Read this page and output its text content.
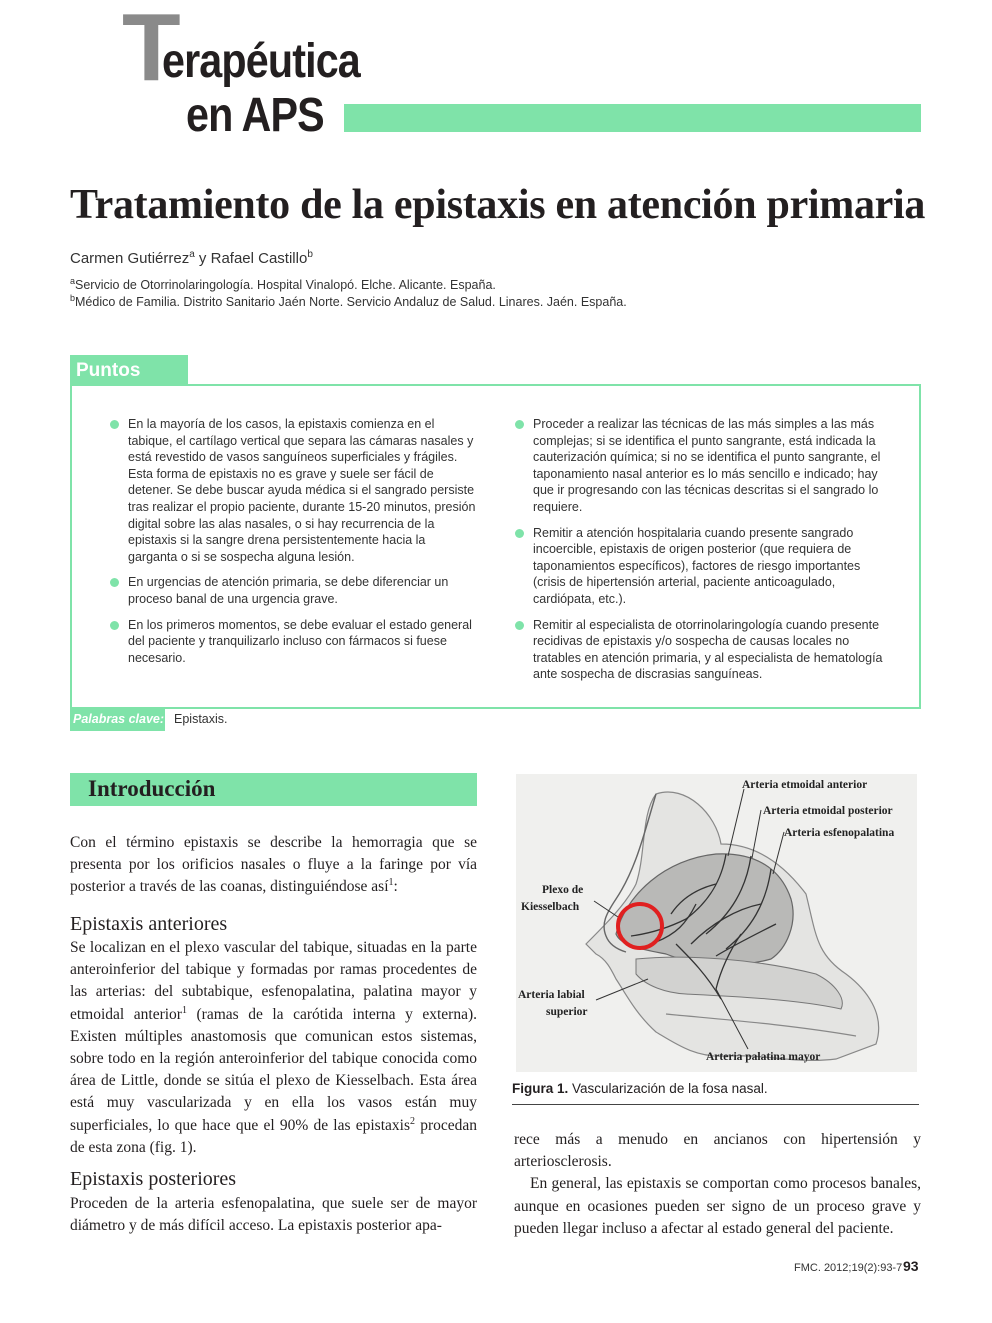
T
erapéutica
en APS
Tratamiento de la epistaxis en atención primaria
Carmen Gutiérrez$^a$ y Rafael Castillo$^b$
$^a$Servicio de Otorrinolaringología. Hospital Vinalopó. Elche. Alicante. España.
$^b$Médico de Familia. Distrito Sanitario Jaén Norte. Servicio Andaluz de Salud. Linares. Jaén. España.
Puntos clave
En la mayoría de los casos, la epistaxis comienza en el tabique, el cartílago vertical que separa las cámaras nasales y está revestido de vasos sanguíneos superficiales y frágiles. Esta forma de epistaxis no es grave y suele ser fácil de detener. Se debe buscar ayuda médica si el sangrado persiste tras realizar el propio paciente, durante 15-20 minutos, presión digital sobre las alas nasales, o si hay recurrencia de la epistaxis si la sangre drena persistentemente hacia la garganta o si se sospecha alguna lesión.
En urgencias de atención primaria, se debe diferenciar un proceso banal de una urgencia grave.
En los primeros momentos, se debe evaluar el estado general del paciente y tranquilizarlo incluso con fármacos si fuese necesario.
Proceder a realizar las técnicas de las más simples a las más complejas; si se identifica el punto sangrante, está indicada la cauterización química; si no se identifica el punto sangrante, el taponamiento nasal anterior es lo más sencillo e indicado; hay que ir progresando con las técnicas descritas si el sangrado lo requiere.
Remitir a atención hospitalaria cuando presente sangrado incoercible, epistaxis de origen posterior (que requiera de taponamientos específicos), factores de riesgo importantes (crisis de hipertensión arterial, paciente anticoagulado, cardiópata, etc.).
Remitir al especialista de otorrinolaringología cuando presente recidivas de epistaxis y/o sospecha de causas locales no tratables en atención primaria, y al especialista de hematología ante sospecha de discrasias sanguíneas.
Palabras clave: Epistaxis.
Introducción

Con el término epistaxis se describe la hemorragia que se presenta por los orificios nasales o fluye a la faringe por vía posterior a través de las coanas, distinguiéndose así$^1$:

Epistaxis anteriores

Se localizan en el plexo vascular del tabique, situadas en la parte anteroinferior del tabique y formadas por ramas procedentes de las arterias: del subtabique, esfenopalatina, palatina mayor y etmoidal anterior$^1$ (ramas de la carótida interna y externa). Existen múltiples anastomosis que comunican estos sistemas, sobre todo en la región anteroinferior del tabique conocida como área de Little, donde se sitúa el plexo de Kiesselbach. Esta área está muy vascularizada y en ella los vasos están muy superficiales, lo que hace que el 90% de las epistaxis$^2$ procedan de esta zona (fig. 1).

Epistaxis posteriores

Proceden de la arteria esfenopalatina, que suele ser de mayor diámetro y de más difícil acceso. La epistaxis posterior apa-

rece más a menudo en ancianos con hipertensión y arteriosclerosis.

En general, las epistaxis se comportan como procesos banales, aunque en ocasiones pueden ser signo de un proceso grave y pueden llegar incluso a afectar al estado general del paciente.

Arteria etmoidal anterior
Arteria etmoidal posterior
Arteria esfenopalatina
Plexo de
Kiesselbach
Arteria labial
superior
Arteria palatina mayor
Figura 1. Vascularización de la fosa nasal.
FMC. 2012;19(2):93-7 93
